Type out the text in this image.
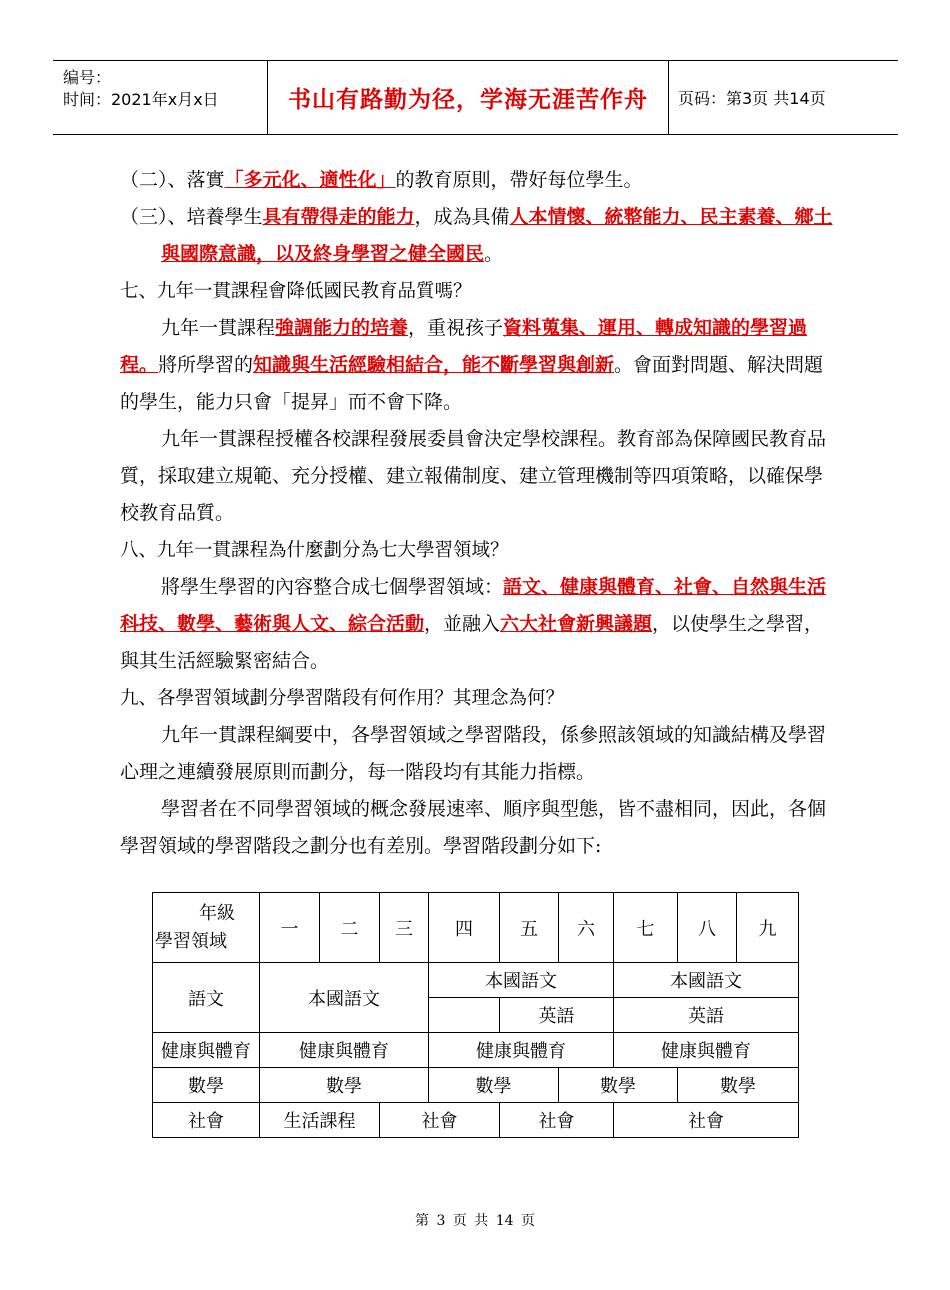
编号：
时间：2021年x月x日	书山有路勤为径，学海无涯苦作舟	页码：第3页 共14页

（二）、落實「多元化、適性化」的教育原則，帶好每位學生。

（三）、培養學生具有帶得走的能力，成為具備人本情懷、統整能力、民主素養、鄉土與國際意識，以及終身學習之健全國民。

七、九年一貫課程會降低國民教育品質嗎？

九年一貫課程強調能力的培養，重視孩子資料蒐集、運用、轉成知識的學習過程。將所學習的知識與生活經驗相結合，能不斷學習與創新。會面對問題、解決問題的學生，能力只會「提昇」而不會下降。

九年一貫課程授權各校課程發展委員會決定學校課程。教育部為保障國民教育品質，採取建立規範、充分授權、建立報備制度、建立管理機制等四項策略，以確保學校教育品質。

八、九年一貫課程為什麼劃分為七大學習領域？

將學生學習的內容整合成七個學習領域：語文、健康與體育、社會、自然與生活科技、數學、藝術與人文、綜合活動，並融入六大社會新興議題，以使學生之學習，與其生活經驗緊密結合。

九、各學習領域劃分學習階段有何作用？其理念為何？

九年一貫課程綱要中，各學習領域之學習階段，係參照該領域的知識結構及學習心理之連續發展原則而劃分，每一階段均有其能力指標。

學習者在不同學習領域的概念發展速率、順序與型態，皆不盡相同，因此，各個學習領域的學習階段之劃分也有差別。學習階段劃分如下:

年級
學習領域	一	二	三	四	五	六	七	八	九
語文	本國語文			本國語文			本國語文		
					英語		英語		
健康與體育	健康與體育			健康與體育			健康與體育		
數學	數學			數學		數學		數學	
社會	生活課程		社會		社會		社會		
第 3 页 共 14 页
